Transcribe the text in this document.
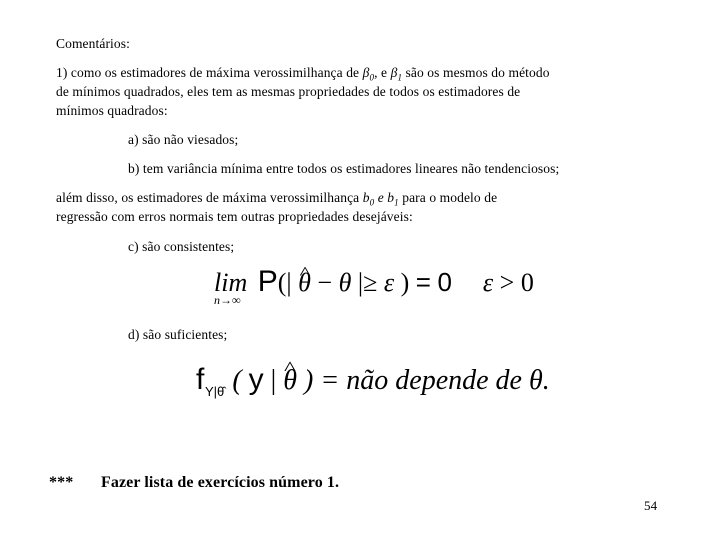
Comentários:
1) como os estimadores de máxima verossimilhança de $\beta_0$, e $\beta_1$ são os mesmos do método
de mínimos quadrados, eles tem as mesmas propriedades de todos os estimadores de
mínimos quadrados:
a) são não viesados;
b) tem variância mínima entre todos os estimadores lineares não tendenciosos;
além disso, os estimadores de máxima verossimilhança $b_0$ e $b_1$ para o modelo de
regressão com erros normais tem outras propriedades desejáveis:
c) são consistentes;
lim
n→∞
P(| ^ θ − θ |≥ ε ) = 0 ε > 0
d) são suficientes;
f Y|θ̂ ( y | ^ θ ) = não depende de θ.
*** Fazer lista de exercícios número 1.
54
